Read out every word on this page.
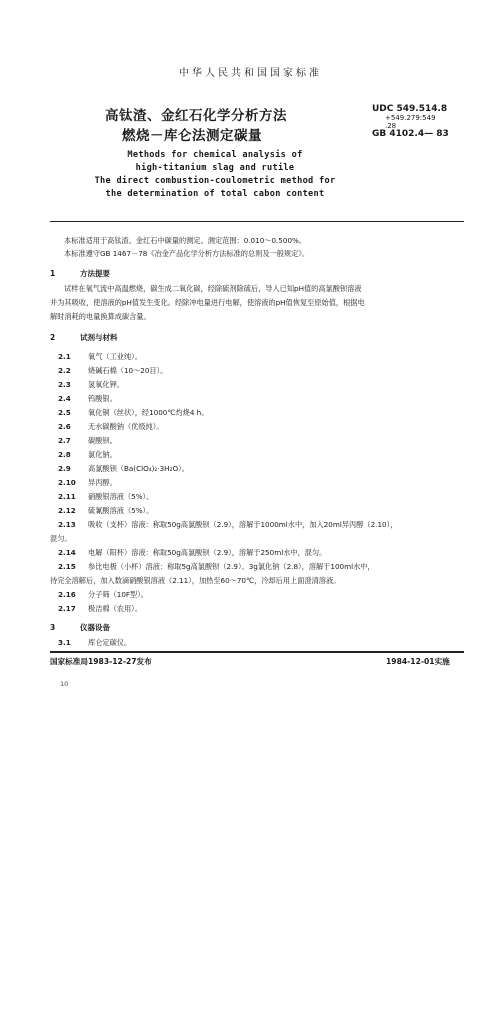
中华人民共和国国家标准
高钛渣、金红石化学分析方法
燃烧－库仑法测定碳量
UDC 549.514.8
+549.279:549
.28
GB 4102.4— 83
Methods for chemical analysis of
high-titanium slag and rutile
The direct combustion-coulometric method for
the determination of total cabon content
本标准适用于高钛渣、金红石中碳量的测定。测定范围：0.010～0.500%。
本标准遵守GB 1467－78《冶金产品化学分析方法标准的总则及一般规定》。
1	方法提要
试样在氧气流中高温燃烧，碳生成二氧化碳，经除硫剂除硫后，导入已知pH值的高氯酸钡溶液
并为其吸收，使溶液的pH值发生变化。经除冲电量进行电解，使溶液的pH值恢复至原始值，根据电
解时消耗的电量换算成碳含量。
2	试剂与材料
2.1 氧气（工业纯）。
2.2 烧碱石棉（10～20目）。
2.3 氢氧化钾。
2.4 钨酸银。
2.5 氧化铜（丝状），经1000℃灼烧4 h。
2.6 无水碳酸钠（优级纯）。
2.7 碳酸钡。
2.8 氯化钠。
2.9 高氯酸钡（Ba(ClO₄)₂·3H₂O）。
2.10 异丙醇。
2.11 硝酸银溶液（5%）。
2.12 硫氰酸溶液（5%）。
2.13 吸收（支杯）溶液：称取50g高氯酸钡（2.9），溶解于1000ml水中，加入20ml异丙醇（2.10），
混匀。
2.14 电解（阳杯）溶液：称取50g高氯酸钡（2.9），溶解于250ml水中，混匀。
2.15 参比电极（小杯）溶液：称取5g高氯酸钡（2.9）、3g氯化钠（2.8），溶解于100ml水中，
待完全溶解后，加入数滴硝酸银溶液（2.11），加热至60～70℃，冷却后用上面澄清溶液。
2.16 分子筛（10F型）。
2.17 极洁棉（农用）。
3	仪器设备
3.1 库仑定碳仪。
国家标准局1983-12-27发布	1984-12-01实施
10
